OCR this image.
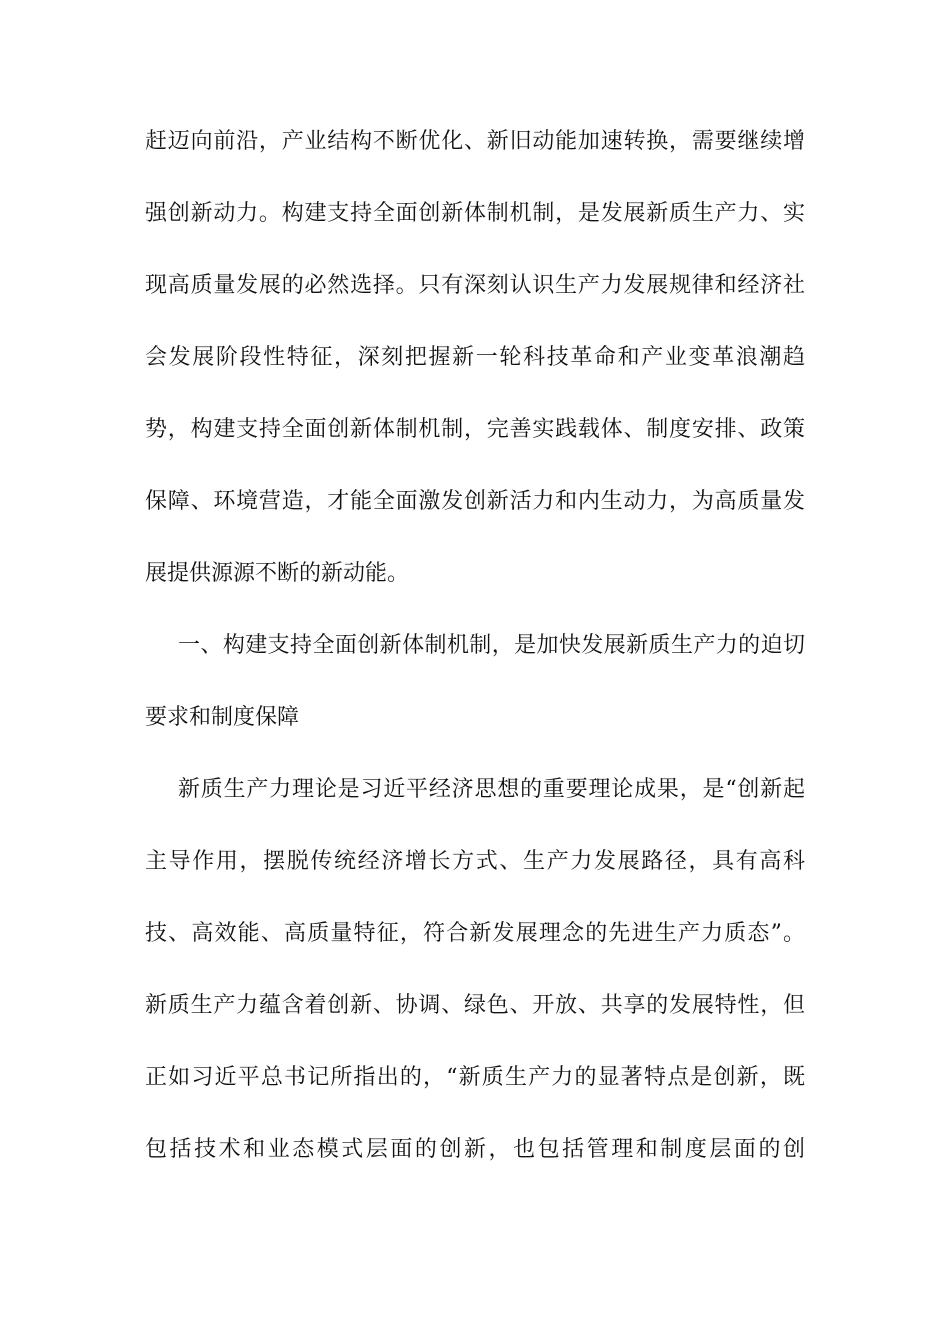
赶迈向前沿，产业结构不断优化、新旧动能加速转换，需要继续增
强创新动力。构建支持全面创新体制机制，是发展新质生产力、实
现高质量发展的必然选择。只有深刻认识生产力发展规律和经济社
会发展阶段性特征，深刻把握新一轮科技革命和产业变革浪潮趋
势，构建支持全面创新体制机制，完善实践载体、制度安排、政策
保障、环境营造，才能全面激发创新活力和内生动力，为高质量发
展提供源源不断的新动能。
一、构建支持全面创新体制机制，是加快发展新质生产力的迫切
要求和制度保障
新质生产力理论是习近平经济思想的重要理论成果，是“创新起
主导作用，摆脱传统经济增长方式、生产力发展路径，具有高科
技、高效能、高质量特征，符合新发展理念的先进生产力质态”。
新质生产力蕴含着创新、协调、绿色、开放、共享的发展特性，但
正如习近平总书记所指出的，“新质生产力的显著特点是创新，既
包括技术和业态模式层面的创新，也包括管理和制度层面的创
